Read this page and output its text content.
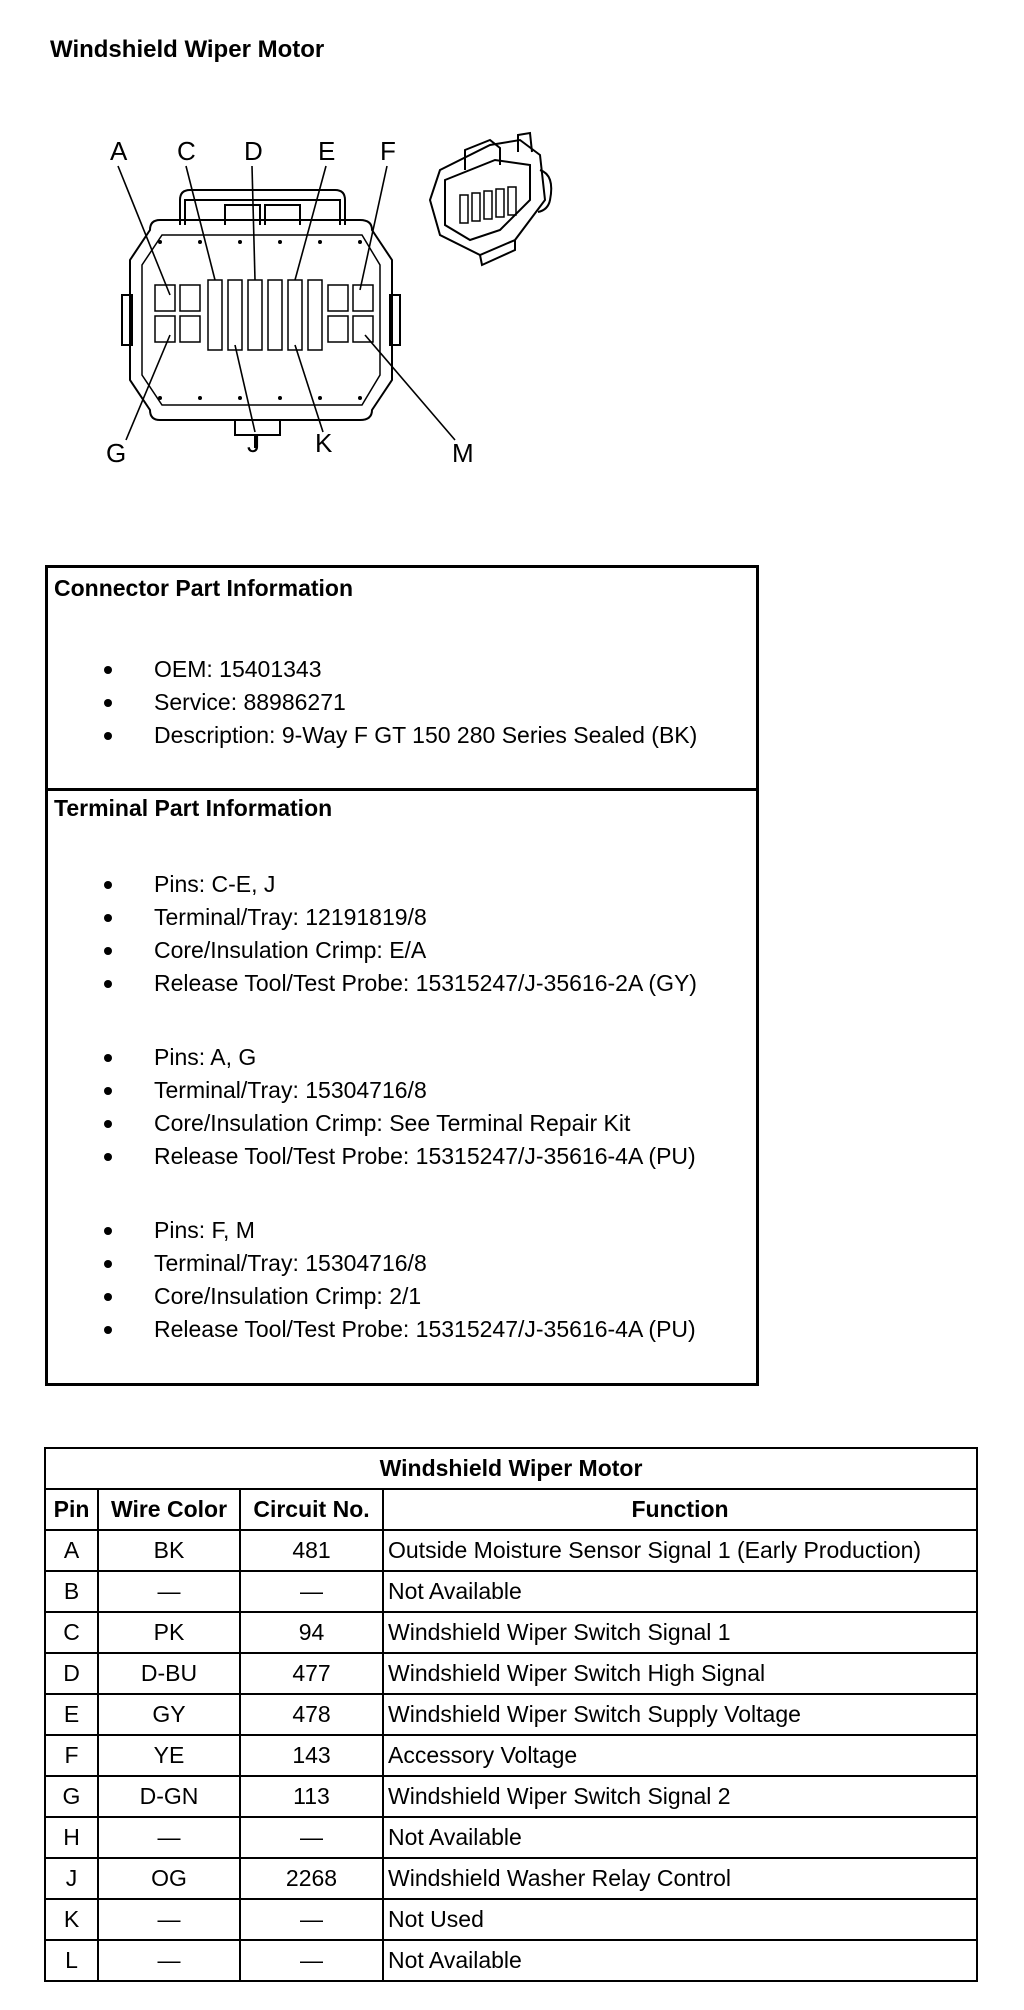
Windshield Wiper Motor
A C D E F
G	J K	M
Connector Part Information
OEM: 15401343
Service: 88986271
Description: 9-Way F GT 150 280 Series Sealed (BK)
Terminal Part Information
Pins: C-E, J
Terminal/Tray: 12191819/8
Core/Insulation Crimp: E/A
Release Tool/Test Probe: 15315247/J-35616-2A (GY)
Pins: A, G
Terminal/Tray: 15304716/8
Core/Insulation Crimp: See Terminal Repair Kit
Release Tool/Test Probe: 15315247/J-35616-4A (PU)
Pins: F, M
Terminal/Tray: 15304716/8
Core/Insulation Crimp: 2/1
Release Tool/Test Probe: 15315247/J-35616-4A (PU)
Windshield Wiper Motor			
Pin	Wire Color	Circuit No.	Function
A	BK	481	Outside Moisture Sensor Signal 1 (Early Production)
B	—	—	Not Available
C	PK	94	Windshield Wiper Switch Signal 1
D	D-BU	477	Windshield Wiper Switch High Signal
E	GY	478	Windshield Wiper Switch Supply Voltage
F	YE	143	Accessory Voltage
G	D-GN	113	Windshield Wiper Switch Signal 2
H	—	—	Not Available
J	OG	2268	Windshield Washer Relay Control
K	—	—	Not Used
L	—	—	Not Available
